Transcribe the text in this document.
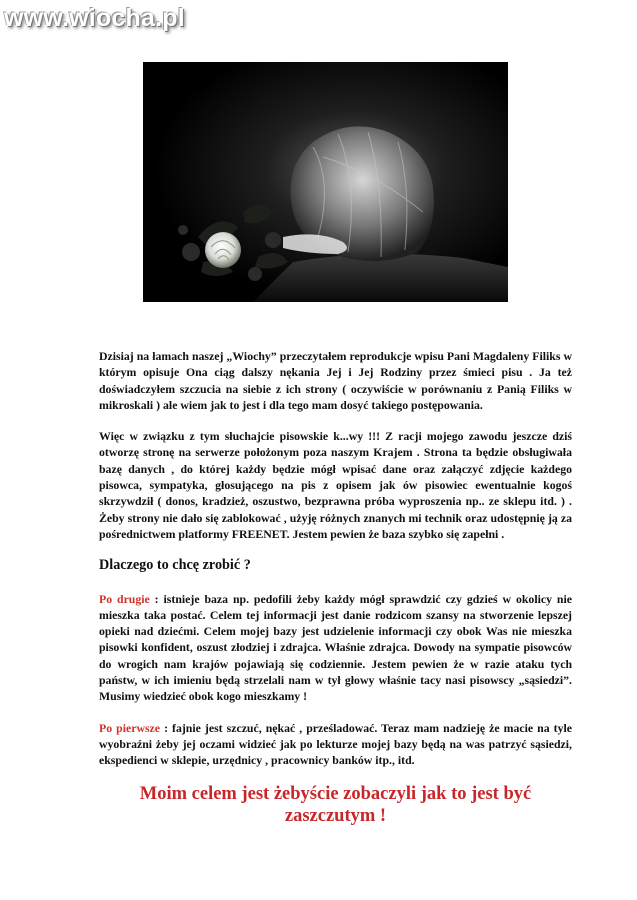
www.wiocha.pl

Dzisiaj na łamach naszej „Wiochy” przeczytałem reprodukcje wpisu Pani Magdaleny Filiks w którym opisuje Ona ciąg dalszy nękania Jej i Jej Rodziny przez śmieci pisu . Ja też doświadczyłem szczucia na siebie z ich strony ( oczywiście w porównaniu z Panią Filiks w mikroskali ) ale wiem jak to jest i dla tego mam dosyć takiego postępowania.

Więc w związku z tym słuchajcie pisowskie k...wy !!! Z racji mojego zawodu jeszcze dziś otworzę stronę na serwerze położonym poza naszym Krajem . Strona ta będzie obsługiwała bazę danych , do której każdy będzie mógł wpisać dane oraz załączyć zdjęcie każdego pisowca, sympatyka, głosującego na pis z opisem jak ów pisowiec ewentualnie kogoś skrzywdził ( donos, kradzież, oszustwo, bezprawna próba wyproszenia np.. ze sklepu itd. ) . Żeby strony nie dało się zablokować , użyję różnych znanych mi technik oraz udostępnię ją za pośrednictwem platformy FREENET. Jestem pewien że baza szybko się zapełni .

Dlaczego to chcę zrobić ?

Po drugie : istnieje baza np. pedofili żeby każdy mógł sprawdzić czy gdzieś w okolicy nie mieszka taka postać. Celem tej informacji jest danie rodzicom szansy na stworzenie lepszej opieki nad dziećmi. Celem mojej bazy jest udzielenie informacji czy obok Was nie mieszka pisowki konfident, oszust złodziej i zdrajca. Właśnie zdrajca. Dowody na sympatie pisowców do wrogich nam krajów pojawiają się codziennie. Jestem pewien że w razie ataku tych państw, w ich imieniu będą strzelali nam w tył głowy właśnie tacy nasi pisowscy „sąsiedzi”. Musimy wiedzieć obok kogo mieszkamy !

Po pierwsze : fajnie jest szczuć, nękać , prześladować. Teraz mam nadzieję że macie na tyle wyobraźni żeby jej oczami widzieć jak po lekturze mojej bazy będą na was patrzyć sąsiedzi, ekspedienci w sklepie, urzędnicy , pracownicy banków itp., itd.

Moim celem jest żebyście zobaczyli jak to jest być zaszczutym !
